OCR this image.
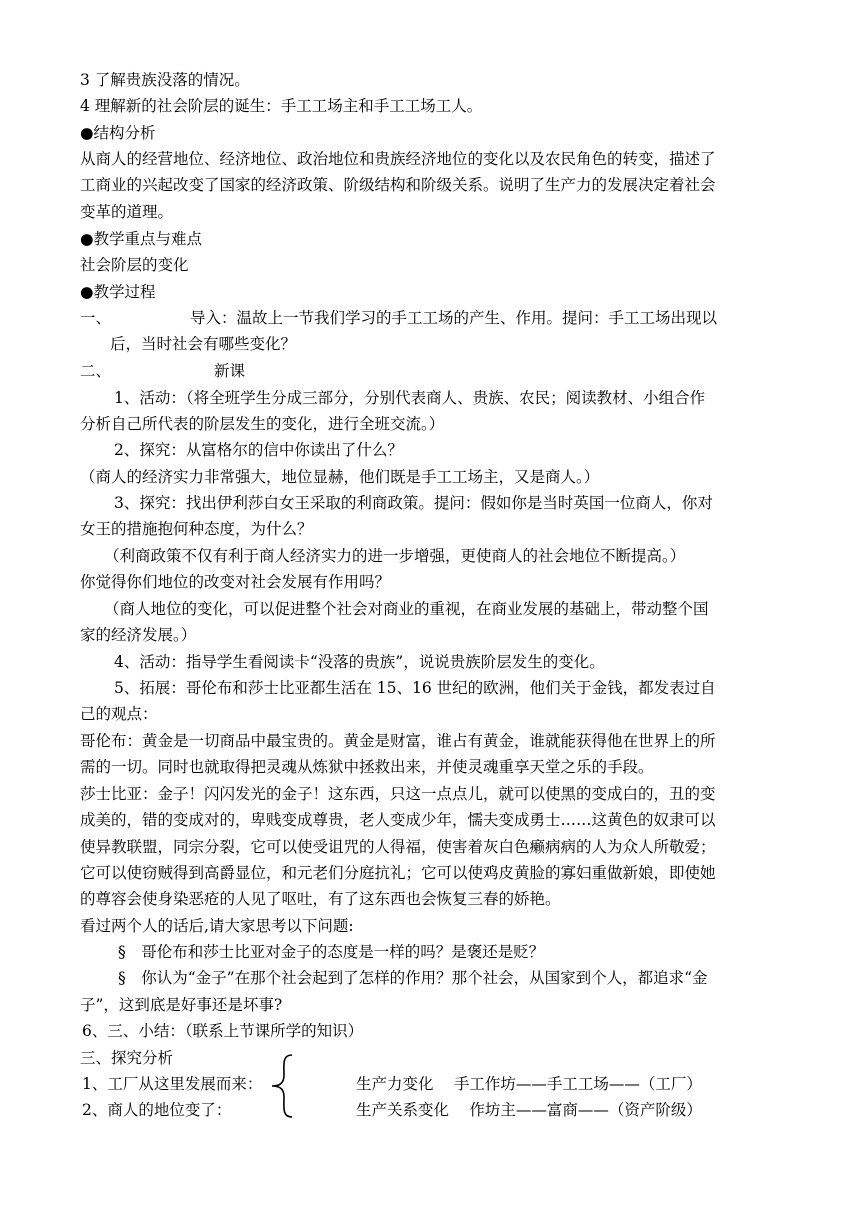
3 了解贵族没落的情况。
4 理解新的社会阶层的诞生：手工工场主和手工工场工人。
●结构分析
从商人的经营地位、经济地位、政治地位和贵族经济地位的变化以及农民角色的转变，描述了
工商业的兴起改变了国家的经济政策、阶级结构和阶级关系。说明了生产力的发展决定着社会
变革的道理。
●教学重点与难点
社会阶层的变化
●教学过程
一、	导入：温故上一节我们学习的手工工场的产生、作用。提问：手工工场出现以
后，当时社会有哪些变化？
二、	新课
1、活动：（将全班学生分成三部分，分别代表商人、贵族、农民；阅读教材、小组合作
分析自己所代表的阶层发生的变化，进行全班交流。）
2、探究：从富格尔的信中你读出了什么？
（商人的经济实力非常强大，地位显赫，他们既是手工工场主，又是商人。）
3、探究：找出伊利莎白女王采取的利商政策。提问：假如你是当时英国一位商人，你对
女王的措施抱何种态度，为什么？
（利商政策不仅有利于商人经济实力的进一步增强，更使商人的社会地位不断提高。）
你觉得你们地位的改变对社会发展有作用吗？
（商人地位的变化，可以促进整个社会对商业的重视，在商业发展的基础上，带动整个国
家的经济发展。）
4、活动：指导学生看阅读卡“没落的贵族”，说说贵族阶层发生的变化。
5、拓展：哥伦布和莎士比亚都生活在 15、16 世纪的欧洲，他们关于金钱，都发表过自
己的观点：
哥伦布：黄金是一切商品中最宝贵的。黄金是财富，谁占有黄金，谁就能获得他在世界上的所
需的一切。同时也就取得把灵魂从炼狱中拯救出来，并使灵魂重享天堂之乐的手段。
莎士比亚：金子！闪闪发光的金子！这东西，只这一点点儿，就可以使黑的变成白的，丑的变
成美的，错的变成对的，卑贱变成尊贵，老人变成少年，懦夫变成勇士……这黄色的奴隶可以
使异教联盟，同宗分裂，它可以使受诅咒的人得福，使害着灰白色癞病病的人为众人所敬爱；
它可以使窃贼得到高爵显位，和元老们分庭抗礼；它可以使鸡皮黄脸的寡妇重做新娘，即使她
的尊容会使身染恶疮的人见了呕吐，有了这东西也会恢复三春的娇艳。
看过两个人的话后,请大家思考以下问题:
§　哥伦布和莎士比亚对金子的态度是一样的吗？是褒还是贬？
§　你认为“金子”在那个社会起到了怎样的作用？那个社会，从国家到个人，都追求“金
子”，这到底是好事还是坏事?
6、三、小结：（联系上节课所学的知识）
三、探究分析
1、工厂从这里发展而来：	生产力变化　 手工作坊——手工工场——（工厂）
2、商人的地位变了：	生产关系变化　 作坊主——富商——（资产阶级）
